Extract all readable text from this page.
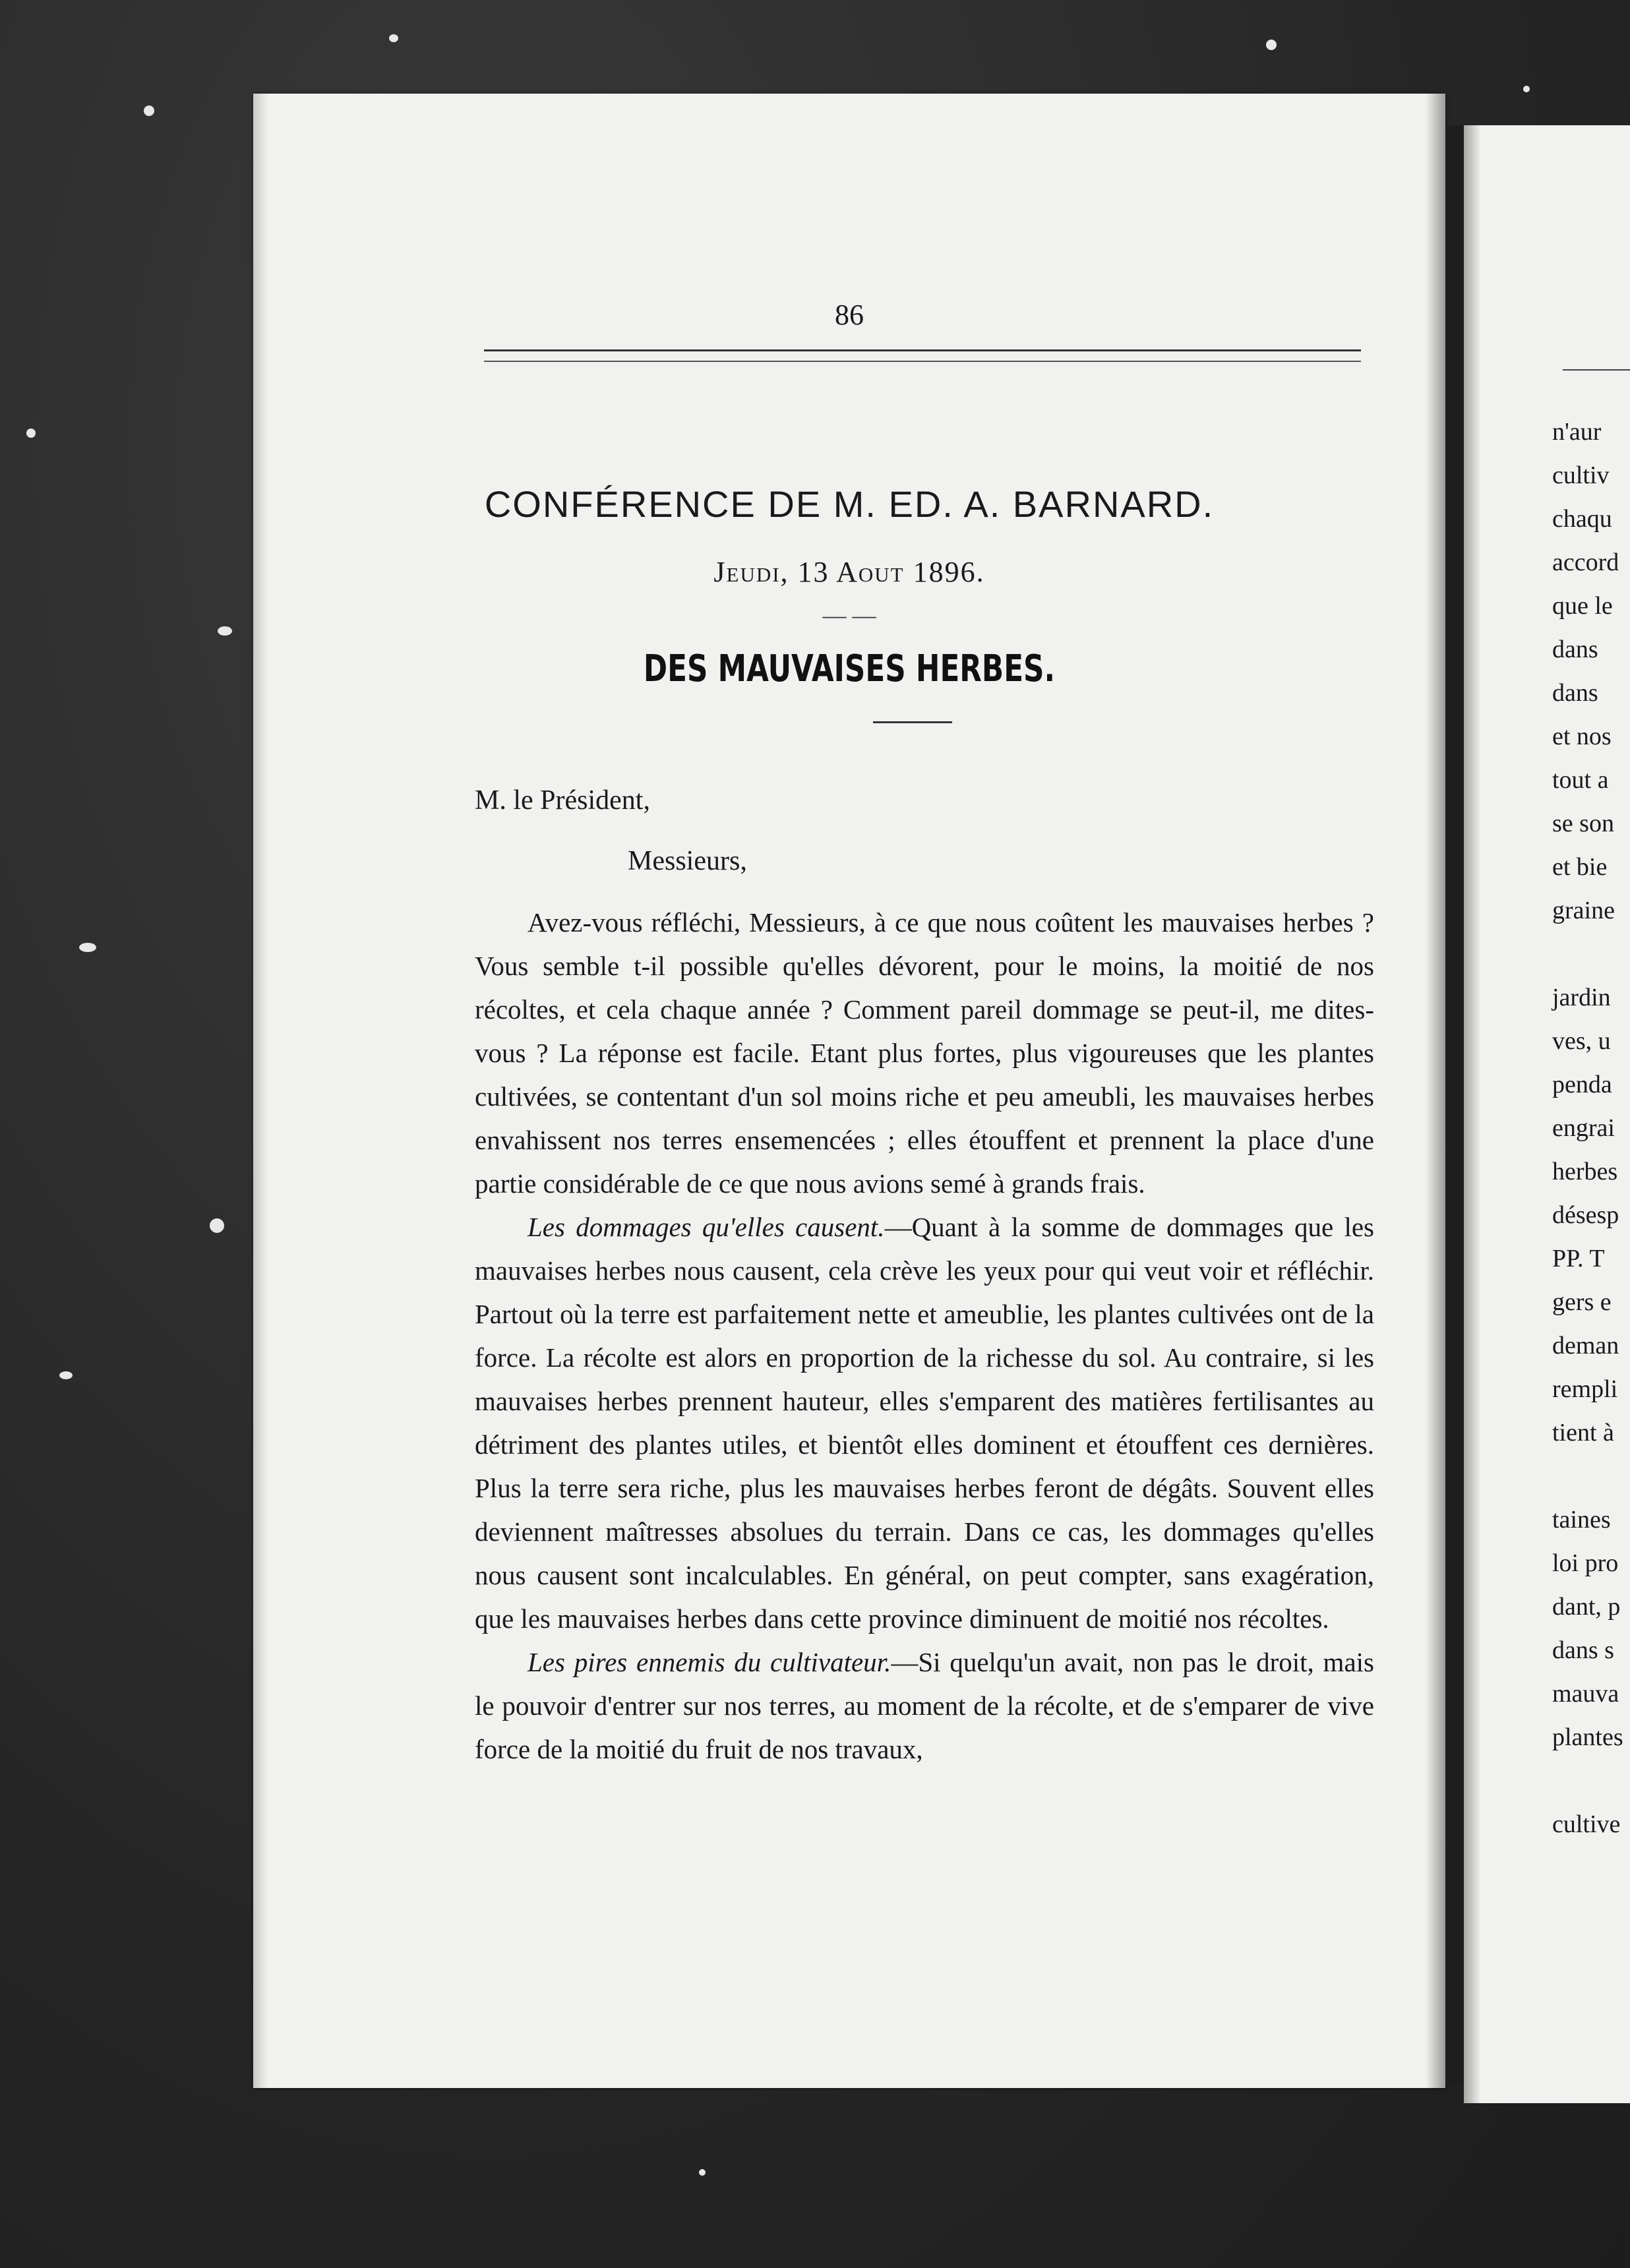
86
CONFÉRENCE DE M. ED. A. BARNARD.
Jeudi, 13 Aout 1896.
— —
DES MAUVAISES HERBES.
M. le Président,
Messieurs,

Avez-vous réfléchi, Messieurs, à ce que nous coûtent les mauvaises herbes ? Vous semble t-il possible qu'elles dévorent, pour le moins, la moitié de nos récoltes, et cela chaque année ? Comment pareil dommage se peut-il, me dites-vous ? La réponse est facile. Etant plus fortes, plus vigoureuses que les plantes cultivées, se contentant d'un sol moins riche et peu ameubli, les mauvaises herbes envahissent nos terres ensemencées ; elles étouffent et prennent la place d'une partie considérable de ce que nous avions semé à grands frais.

Les dommages qu'elles causent.—Quant à la somme de dommages que les mauvaises herbes nous causent, cela crève les yeux pour qui veut voir et réfléchir. Partout où la terre est parfaitement nette et ameublie, les plantes cultivées ont de la force. La récolte est alors en proportion de la richesse du sol. Au contraire, si les mauvaises herbes prennent hauteur, elles s'emparent des matières fertilisantes au détriment des plantes utiles, et bientôt elles dominent et étouffent ces dernières. Plus la terre sera riche, plus les mauvaises herbes feront de dégâts. Souvent elles deviennent maîtresses absolues du terrain. Dans ce cas, les dommages qu'elles nous causent sont incalculables. En général, on peut compter, sans exagération, que les mauvaises herbes dans cette province diminuent de moitié nos récoltes.

Les pires ennemis du cultivateur.—Si quelqu'un avait, non pas le droit, mais le pouvoir d'entrer sur nos terres, au moment de la récolte, et de s'emparer de vive force de la moitié du fruit de nos travaux,

n'aur
cultiv
chaqu
accord
que le
dans
dans
et nos
tout a
se son
et bie
graine
jardin
ves, u
penda
engrai
herbes
désesp
PP. T
gers e
deman
rempli
tient à
taines
loi pro
dant, p
dans s
mauva
plantes
cultive
